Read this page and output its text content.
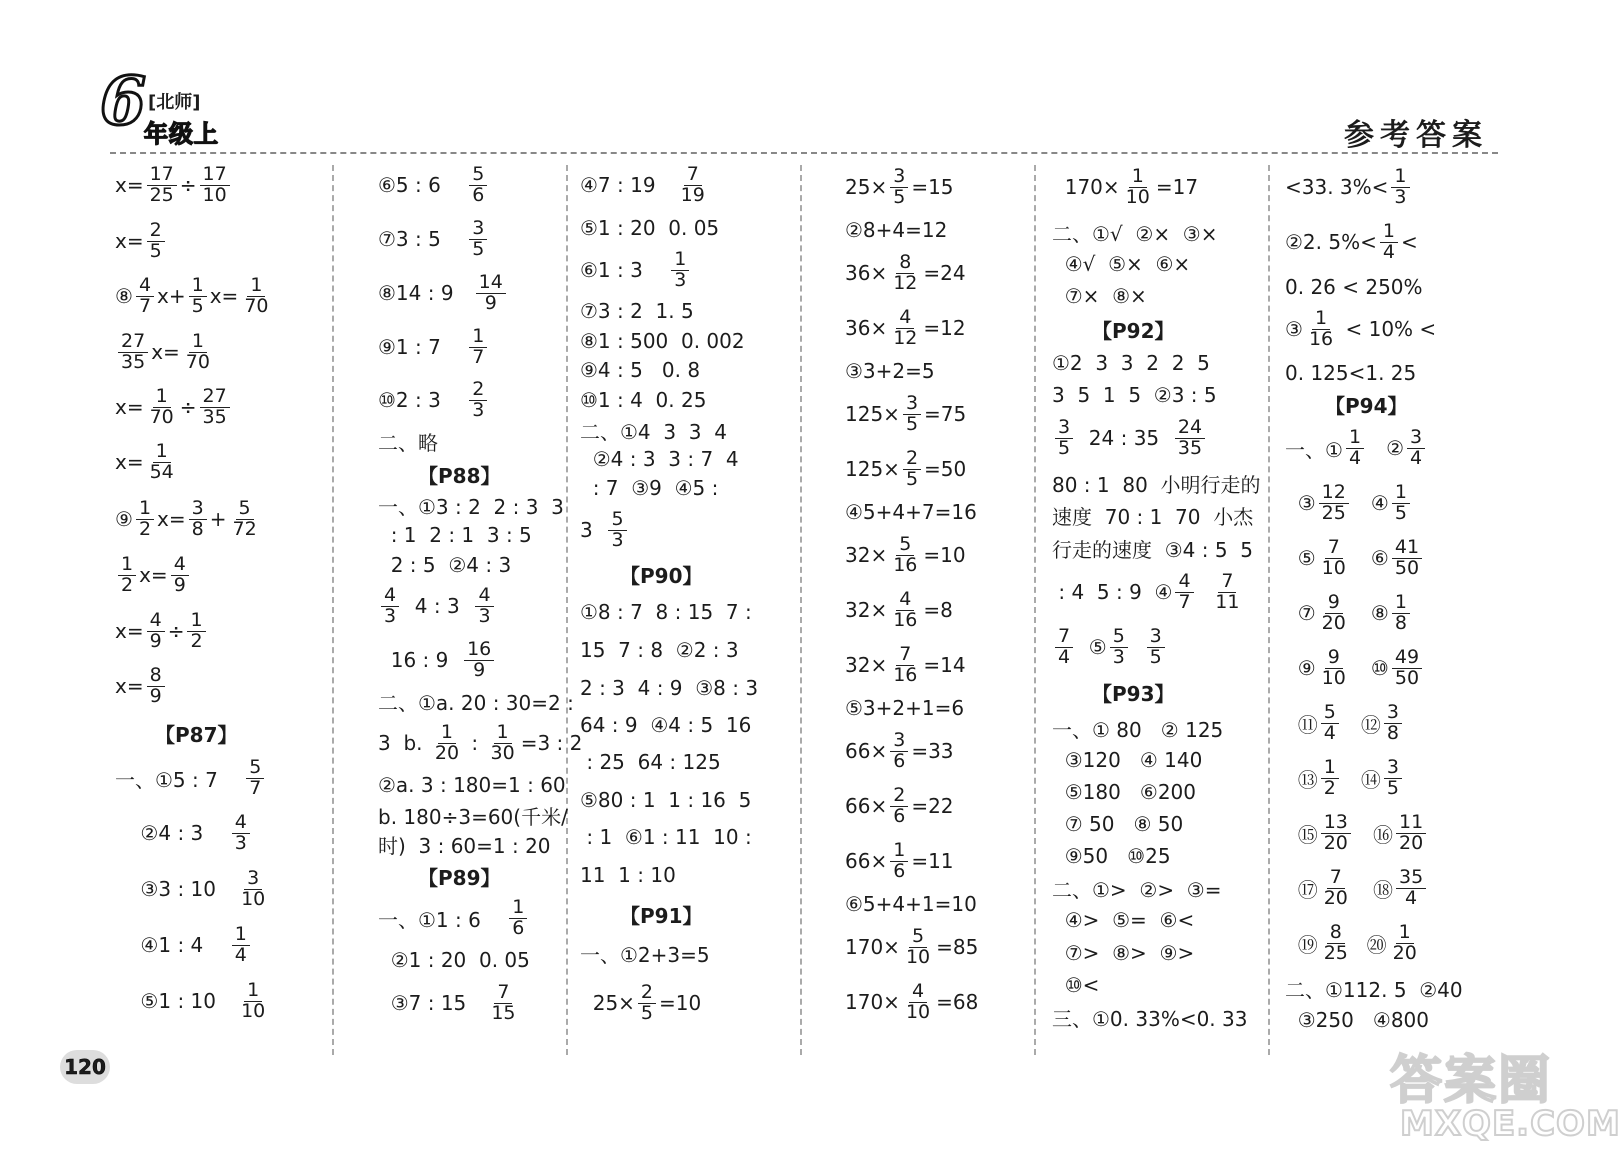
6 [北师]
年级上	参考答案
$x= \frac{17}{25} \div \frac{17}{10}$
$x= \frac{2}{5}$
⑧ $\frac{4}{7} x+ \frac{1}{5} x= \frac{1}{70}$
$\frac{27}{35} x= \frac{1}{70}$
$x= \frac{1}{70} \div \frac{27}{35}$
$x= \frac{1}{54}$
⑨ $\frac{1}{2} x= \frac{3}{8} + \frac{5}{72}$
$\frac{1}{2} x= \frac{4}{9}$
$x= \frac{4}{9} \div \frac{1}{2}$
$x= \frac{8}{9}$
【P87】
一、①5 : $7 \frac{5}{7}$
②4 : $3 \frac{4}{3}$
③3 : $10 \frac{3}{10}$
④1 : $4 \frac{1}{4}$
⑤1 : $10 \frac{1}{10}$
⑥5 : $6 \frac{5}{6}$
⑦3 : $5 \frac{3}{5}$
⑧14 : $9 \frac{14}{9}$
⑨1 : $7 \frac{1}{7}$
⑩2 : $3 \frac{2}{3}$
二、略
【P88】
一、①3 : 2  2 : 3  3
: 1  2 : 1  3 : 5
2 : 5  ②4 : 3
$\frac{4}{3} 4$ : $3 \frac{4}{3}$
16 : $9 \frac{16}{9}$
二、①a. 20 : 30=2 :
3  b. $\frac{1}{20}$ : $\frac{1}{30} =3$ : 2
②a. 3 : 180=1 : 60
b. 180÷3=60(千米/
时)  3 : 60=1 : 20
【P89】
一、①1 : $6 \frac{1}{6}$
②1 : 20  0. 05
③7 : $15 \frac{7}{15}$
④7 : $19 \frac{7}{19}$
⑤1 : 20  0. 05
⑥1 : $3 \frac{1}{3}$
⑦3 : 2  1. 5
⑧1 : 500  0. 002
⑨4 : 5   0. 8
⑩1 : 4  0. 25
二、①4  3  3  4
②4 : 3  3 : 7  4
: 7  ③9  ④5 :
$3 \frac{5}{3}$
【P90】
①8 : 7  8 : 15  7 :
15  7 : 8  ②2 : 3
2 : 3  4 : 9  ③8 : 3
64 : 9  ④4 : 5  16
: 25  64 : 125
⑤80 : 1  1 : 16  5
: 1  ⑥1 : 11  10 :
11  1 : 10
【P91】
一、①2+3=5
$25\times \frac{2}{5} =10$
$25\times \frac{3}{5} =15$
②8+4=12
$36\times \frac{8}{12} =24$
$36\times \frac{4}{12} =12$
③3+2=5
$125\times \frac{3}{5} =75$
$125\times \frac{2}{5} =50$
④5+4+7=16
$32\times \frac{5}{16} =10$
$32\times \frac{4}{16} =8$
$32\times \frac{7}{16} =14$
⑤3+2+1=6
$66\times \frac{3}{6} =33$
$66\times \frac{2}{6} =22$
$66\times \frac{1}{6} =11$
⑥5+4+1=10
$170\times \frac{5}{10} =85$
$170\times \frac{4}{10} =68$
$170\times \frac{1}{10} =17$
二、①√  ②×  ③×
④√  ⑤×  ⑥×
⑦×  ⑧×
【P92】
①2  3  3  2  2  5
3  5  1  5  ②3 : 5
$\frac{3}{5} 24$ : $35 \frac{24}{35}$
80 : 1  80  小明行走的
速度  70 : 1  70  小杰
行走的速度  ③4 : 5  5
: 4  5 : 9  ④ $\frac{4}{7}$
$\frac{7}{11}$
$\frac{7}{4}$ ⑤ $\frac{5}{3}$
$\frac{3}{5}$
【P93】
一、① 80   ② 125
③120   ④ 140
⑤180   ⑥200
⑦ 50   ⑧ 50
⑨50   ⑩25
二、①>  ②>  ③=
④>  ⑤=  ⑥<
⑦>  ⑧>  ⑨>
⑩<
三、①0. 33%<0. 33
<33. $3\%< \frac{1}{3}$
②2. $5\%< \frac{1}{4}$ <
0. 26 < 250%
③ $\frac{1}{16} < 10\%$ <
0. 125<1. 25
【P94】
一、① $\frac{1}{4}$ ② $\frac{3}{4}$
③ $\frac{12}{25}$ ④ $\frac{1}{5}$
⑤ $\frac{7}{10}$ ⑥ $\frac{41}{50}$
⑦ $\frac{9}{20}$ ⑧ $\frac{1}{8}$
⑨ $\frac{9}{10}$ ⑩ $\frac{49}{50}$
⑪ $\frac{5}{4}$ ⑫ $\frac{3}{8}$
⑬ $\frac{1}{2}$ ⑭ $\frac{3}{5}$
⑮ $\frac{13}{20}$ ⑯ $\frac{11}{20}$
⑰ $\frac{7}{20}$ ⑱ $\frac{35}{4}$
⑲ $\frac{8}{25}$ ⑳ $\frac{1}{20}$
二、①112. 5  ②40
③250   ④800
120	答案圈
MXQE.COM
